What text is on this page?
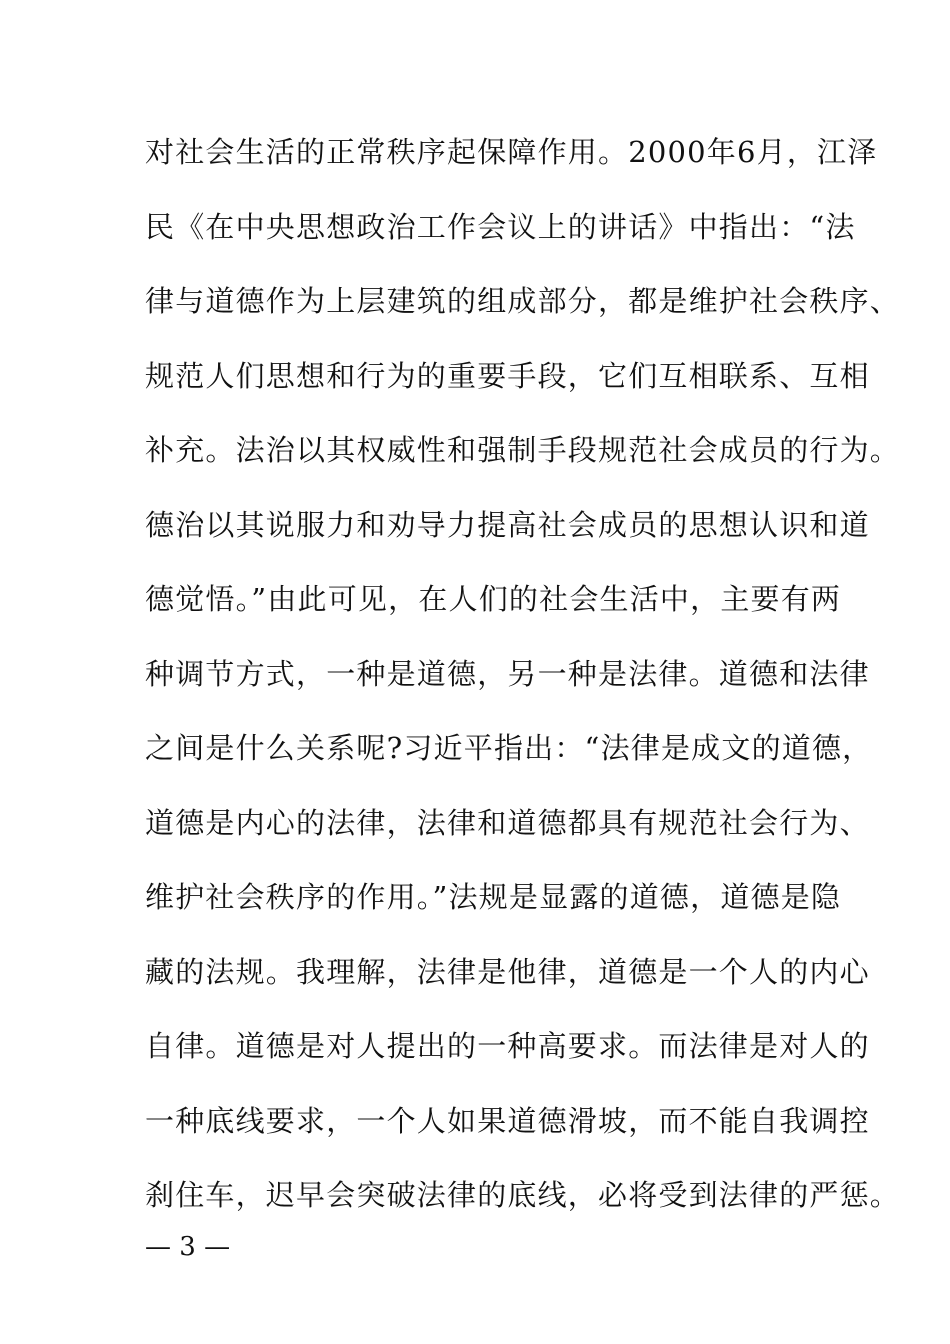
对社会生活的正常秩序起保障作用。2000年6月，江泽
民《在中央思想政治工作会议上的讲话》中指出：“法
律与道德作为上层建筑的组成部分，都是维护社会秩序、
规范人们思想和行为的重要手段，它们互相联系、互相
补充。法治以其权威性和强制手段规范社会成员的行为。
德治以其说服力和劝导力提高社会成员的思想认识和道
德觉悟。”由此可见，在人们的社会生活中，主要有两
种调节方式，一种是道德，另一种是法律。道德和法律
之间是什么关系呢?习近平指出：“法律是成文的道德，
道德是内心的法律，法律和道德都具有规范社会行为、
维护社会秩序的作用。”法规是显露的道德，道德是隐
藏的法规。我理解，法律是他律，道德是一个人的内心
自律。道德是对人提出的一种高要求。而法律是对人的
一种底线要求，一个人如果道德滑坡，而不能自我调控
刹住车，迟早会突破法律的底线，必将受到法律的严惩。
— 3 —
